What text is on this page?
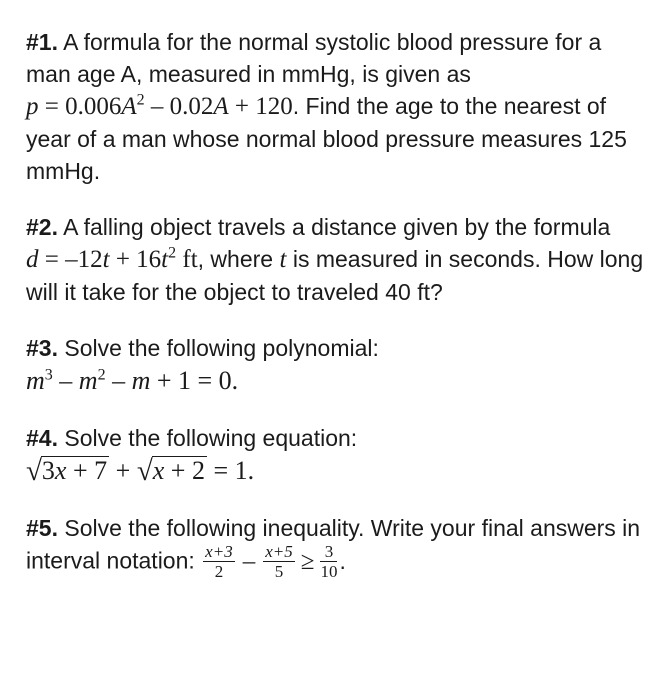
#1. A formula for the normal systolic blood pressure for a man age A, measured in mmHg, is given as $p = 0.006A^2 - 0.02A + 120$. Find the age to the nearest of year of a man whose normal blood pressure measures 125 mmHg.

#2. A falling object travels a distance given by the formula $d = -12t + 16t^2$ ft, where t is measured in seconds. How long will it take for the object to traveled 40 ft?

#3. Solve the following polynomial:
$m^3 - m^2 - m + 1 = 0$.

#4. Solve the following equation:
√3x + 7 + √x + 2 = 1.

#5. Solve the following inequality. Write your final answers in interval notation: $\frac{x+3}{2} - \frac{x+5}{5} \ge \frac{3}{10}$ .
